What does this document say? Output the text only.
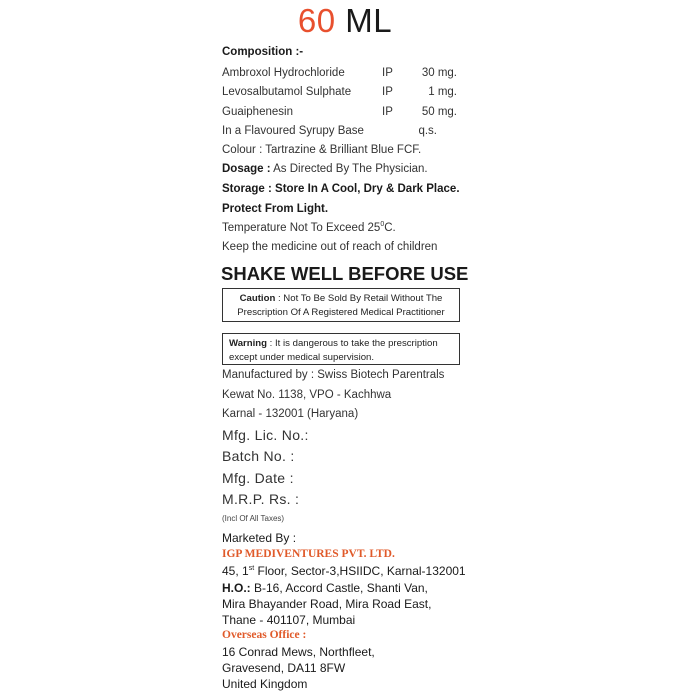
60 ML
Composition :-
Ambroxol Hydrochloride	IP	30 mg.
Levosalbutamol Sulphate	IP	1 mg.
Guaiphenesin	IP	50 mg.
In a Flavoured Syrupy Base	q.s.
Colour : Tartrazine & Brilliant Blue FCF.
Dosage : As Directed By The Physician.
Storage : Store In A Cool, Dry & Dark Place.
Protect From Light.
Temperature Not To Exceed $25^0C$.
Keep the medicine out of reach of children
SHAKE WELL BEFORE USE
Caution : Not To Be Sold By Retail Without The
Prescription Of A Registered Medical Practitioner
Warning : It is dangerous to take the prescription
except under medical supervision.
Manufactured by : Swiss Biotech Parentrals
Kewat No. 1138, VPO - Kachhwa
Karnal - 132001 (Haryana)
Mfg. Lic. No.:
Batch No. :
Mfg. Date :
M.R.P. Rs. :
(Incl Of All Taxes)
Marketed By :
IGP MEDIVENTURES PVT. LTD.
45, 1st Floor, Sector-3,HSIIDC, Karnal-132001
H.O.: B-16, Accord Castle, Shanti Van,
Mira Bhayander Road, Mira Road East,
Thane - 401107, Mumbai
Overseas Office :
16 Conrad Mews, Northfleet,
Gravesend, DA11 8FW
United Kingdom
